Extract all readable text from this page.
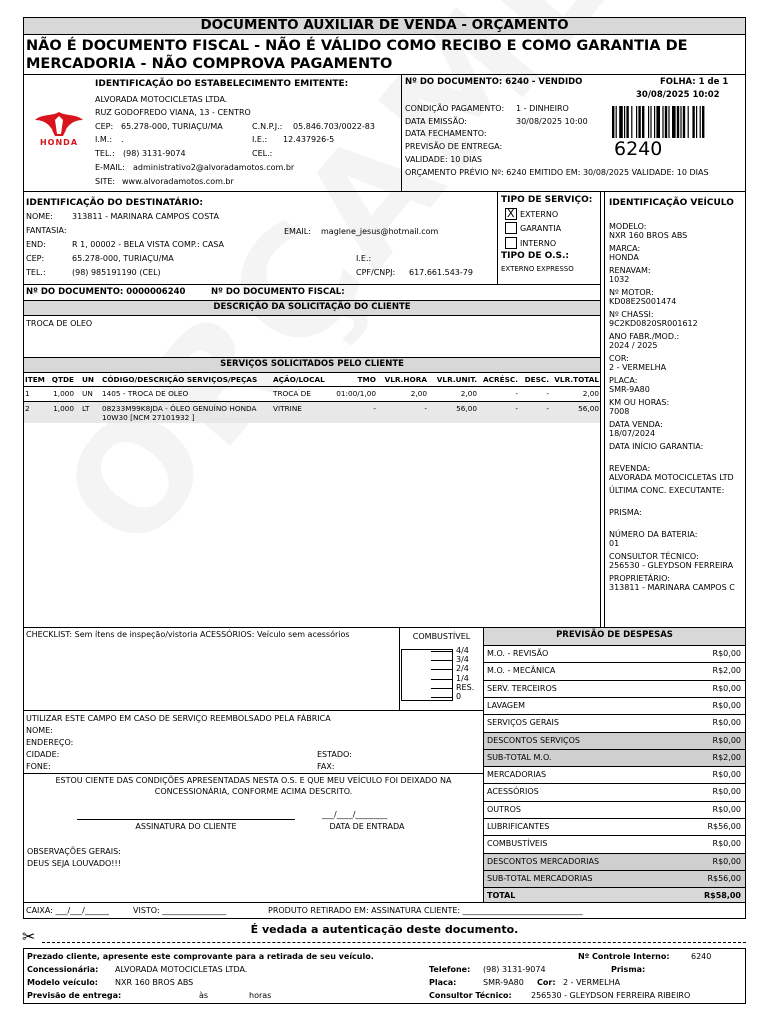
DOCUMENTO AUXILIAR DE VENDA - ORÇAMENTO
NÃO É DOCUMENTO FISCAL - NÃO É VÁLIDO COMO RECIBO E COMO GARANTIA DE
MERCADORIA - NÃO COMPROVA PAGAMENTO
HONDA
IDENTIFICAÇÃO DO ESTABELECIMENTO EMITENTE:
ALVORADA MOTOCICLETAS LTDA.
RUZ GODOFREDO VIANA, 13 - CENTRO
CEP: 65.278-000, TURIAÇU/MA	C.N.P.J.: 05.846.703/0022-83
I.M.: .	I.E.: 12.437926-5
TEL.: (98) 3131-9074	CEL.:
E-MAIL: administrativo2@alvoradamotos.com.br
SITE: www.alvoradamotos.com.br
Nº DO DOCUMENTO: 6240 - VENDIDO	FOLHA: 1 de 1
30/08/2025 10:02
CONDIÇÃO PAGAMENTO: 1 - DINHEIRO
DATA EMISSÃO:	30/08/2025 10:00
DATA FECHAMENTO:
PREVISÃO DE ENTREGA:
VALIDADE: 10 DIAS
ORÇAMENTO PRÉVIO Nº: 6240 EMITIDO EM: 30/08/2025 VALIDADE: 10 DIAS
6240
IDENTIFICAÇÃO DO DESTINATÁRIO:
NOME: 313811 - MARINARA CAMPOS COSTA
FANTASIA:	EMAIL: maglene_jesus@hotmail.com
END:	R 1, 00002 - BELA VISTA COMP.: CASA
CEP:	65.278-000, TURIAÇU/MA	I.E.:
TEL.:	(98) 985191190 (CEL)	CPF/CNPJ: 617.661.543-79
TIPO DE SERVIÇO:
X EXTERNO
GARANTIA
INTERNO
TIPO DE O.S.:
EXTERNO EXPRESSO
IDENTIFICAÇÃO VEÍCULO
MODELO:
NXR 160 BROS ABS
MARCA:
HONDA
RENAVAM:
1032
Nº MOTOR:
KD08E2S001474
Nº CHASSI:
9C2KD0820SR001612
ANO FABR./MOD.:
2024 / 2025
COR:
2 - VERMELHA
PLACA:
SMR-9A80
KM OU HORAS:
7008
DATA VENDA:
18/07/2024
DATA INÍCIO GARANTIA:
REVENDA:
ALVORADA MOTOCICLETAS LTD
ÚLTIMA CONC. EXECUTANTE:
PRISMA:
NÚMERO DA BATERIA:
01
CONSULTOR TÉCNICO:
256530 - GLEYDSON FERREIRA
PROPRIETÁRIO:
313811 - MARINARA CAMPOS C
Nº DO DOCUMENTO: 0000006240	Nº DO DOCUMENTO FISCAL:
DESCRIÇÃO DA SOLICITAÇÃO DO CLIENTE
TROCA DE OLEO
SERVIÇOS SOLICITADOS PELO CLIENTE
ITEM QTDE UN	CÓDIGO/DESCRIÇÃO SERVIÇOS/PEÇAS	AÇÃO/LOCAL	TMO	VLR.HORA	VLR.UNIT. ACRÉSC. DESC. VLR.TOTAL
1	1,000 UN	1405 - TROCA DE OLEO	TROCA DE	01:00/1,00	2,00	2,00	-	-	2,00
2	1,000 LT	08233M99K8JDA - ÓLEO GENUÍNO HONDA	VITRINE	-	-	56,00	-	-	56,00
10W30 [NCM 27101932 ]
CHECKLIST: Sem ítens de inspeção/vistoria ACESSÓRIOS: Veículo sem acessórios	COMBUSTÍVEL
4/4
3/4
2/4
1/4
RES.
0
UTILIZAR ESTE CAMPO EM CASO DE SERVIÇO REEMBOLSADO PELA FÁBRICA
NOME:
ENDEREÇO:
CIDADE:	ESTADO:
FONE:	FAX:
ESTOU CIENTE DAS CONDIÇÕES APRESENTADAS NESTA O.S. E QUE MEU VEÍCULO FOI DEIXADO NA
CONCESSIONÁRIA, CONFORME ACIMA DESCRITO.
___/____/________
ASSINATURA DO CLIENTE	DATA DE ENTRADA
OBSERVAÇÕES GERAIS:
DEUS SEJA LOUVADO!!!
PREVISÃO DE DESPESAS
M.O. - REVISÃO	R$0,00
M.O. - MECÂNICA	R$2,00
SERV. TERCEIROS	R$0,00
LAVAGEM	R$0,00
SERVIÇOS GERAIS	R$0,00
DESCONTOS SERVIÇOS	R$0,00
SUB-TOTAL M.O.	R$2,00
MERCADORIAS	R$0,00
ACESSÓRIOS	R$0,00
OUTROS	R$0,00
LUBRIFICANTES	R$56,00
COMBUSTÍVEIS	R$0,00
DESCONTOS MERCADORIAS	R$0,00
SUB-TOTAL MERCADORIAS	R$56,00
TOTAL	R$58,00
CAIXA: ___/___/______	VISTO: ________________	PRODUTO RETIRADO EM: ASSINATURA CLIENTE: ______________________________
✂	É vedada a autenticação deste documento.
Prezado cliente, apresente este comprovante para a retirada de seu veículo.	Nº Controle Interno:	6240
Concessionária: ALVORADA MOTOCICLETAS LTDA.	Telefone: (98) 3131-9074	Prisma:
Modelo veículo: NXR 160 BROS ABS	Placa:	SMR-9A80 Cor: 2 - VERMELHA
Previsão de entrega:	às	horas	Consultor Técnico: 256530 - GLEYDSON FERREIRA RIBEIRO
